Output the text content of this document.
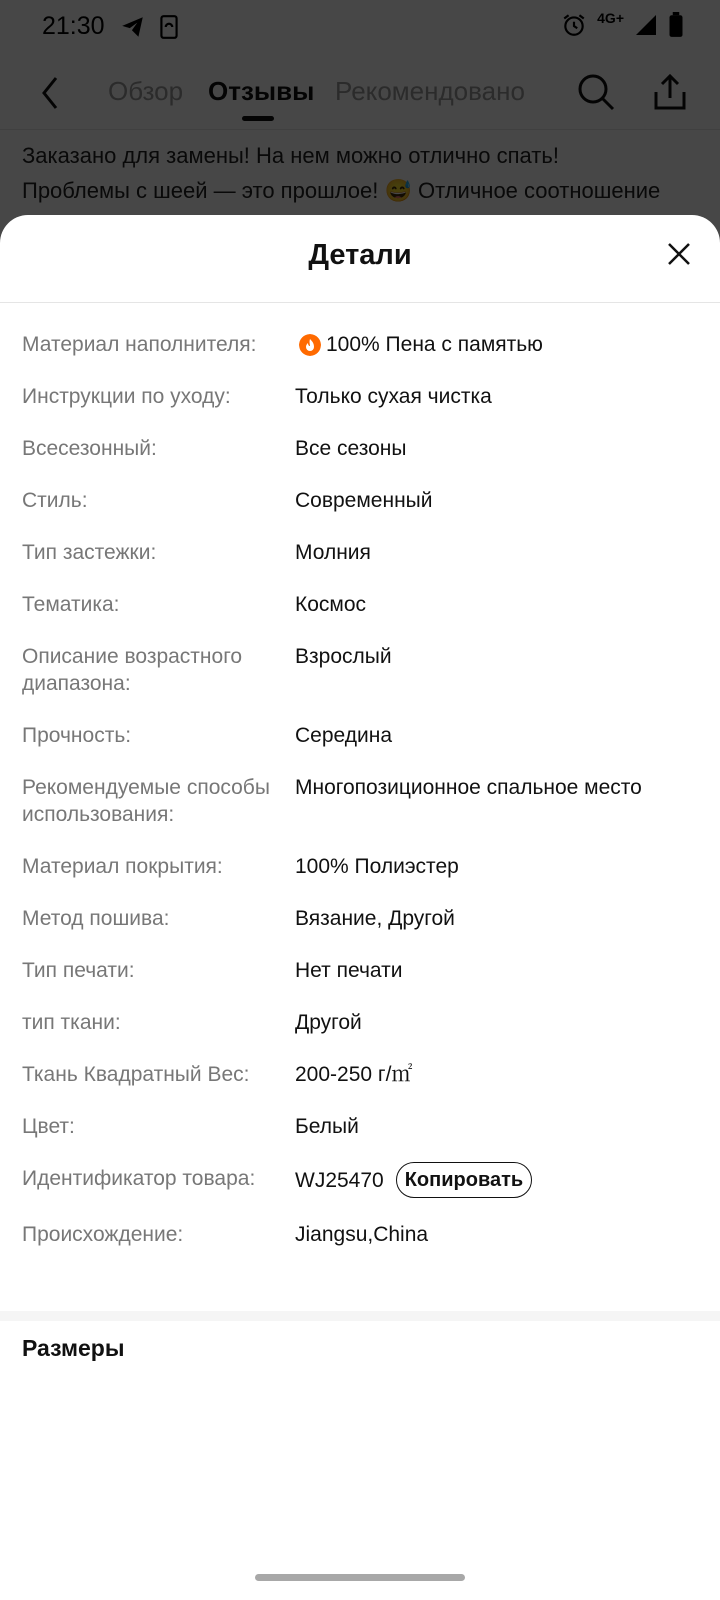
Детали
Материал наполнителя:	100% Пена с памятью
Инструкции по уходу:	Только сухая чистка
Всесезонный:	Все сезоны
Стиль:	Современный
Тип застежки:	Молния
Тематика:	Космос
Описание возрастного диапазона:
Взрослый
Прочность:	Середина
Рекомендуемые способы использования:
Многопозиционное спальное место
Материал покрытия:	100% Полиэстер
Метод пошива:	Вязание, Другой
Тип печати:	Нет печати
тип ткани:	Другой
Ткань Квадратный Вес:	200-250 г/㎡
Цвет:	Белый
Идентификатор товара:	WJ25470	Копировать
Происхождение:	Jiangsu,China
Размеры
